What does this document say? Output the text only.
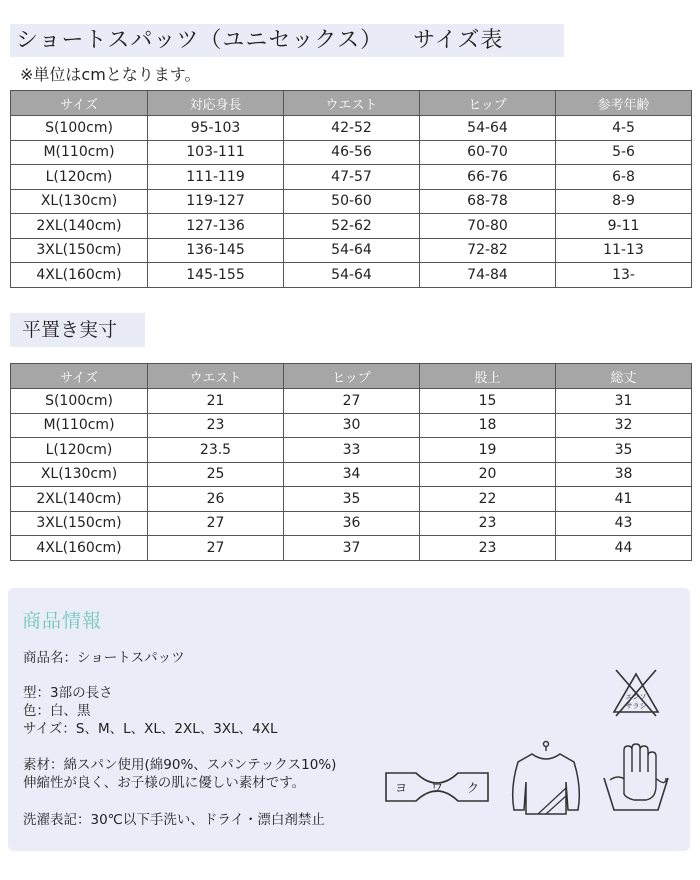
ショートスパッツ（ユニセックス） サイズ表
※単位はcmとなります。
サイズ	対応身長	ウエスト	ヒップ	参考年齢
S(100cm)	95-103	42-52	54-64	4-5
M(110cm)	103-111	46-56	60-70	5-6
L(120cm)	111-119	47-57	66-76	6-8
XL(130cm)	119-127	50-60	68-78	8-9
2XL(140cm)	127-136	52-62	70-80	9-11
3XL(150cm)	136-145	54-64	72-82	11-13
4XL(160cm)	145-155	54-64	74-84	13-
平置き実寸
サイズ	ウエスト	ヒップ	股上	総丈
S(100cm)	21	27	15	31
M(110cm)	23	30	18	32
L(120cm)	23.5	33	19	35
XL(130cm)	25	34	20	38
2XL(140cm)	26	35	22	41
3XL(150cm)	27	36	23	43
4XL(160cm)	27	37	23	44
商品情報
商品名：ショートスパッツ
型：3部の長さ
色：白、黒
サイズ：S、M、L、XL、2XL、3XL、4XL
素材：綿スパン使用(綿90%、スパンテックス10%)
伸縮性が良く、お子様の肌に優しい素材です。
洗濯表記：30℃以下手洗い、ドライ・漂白剤禁止
エンソ
サラシ
ヨ ワ ク
